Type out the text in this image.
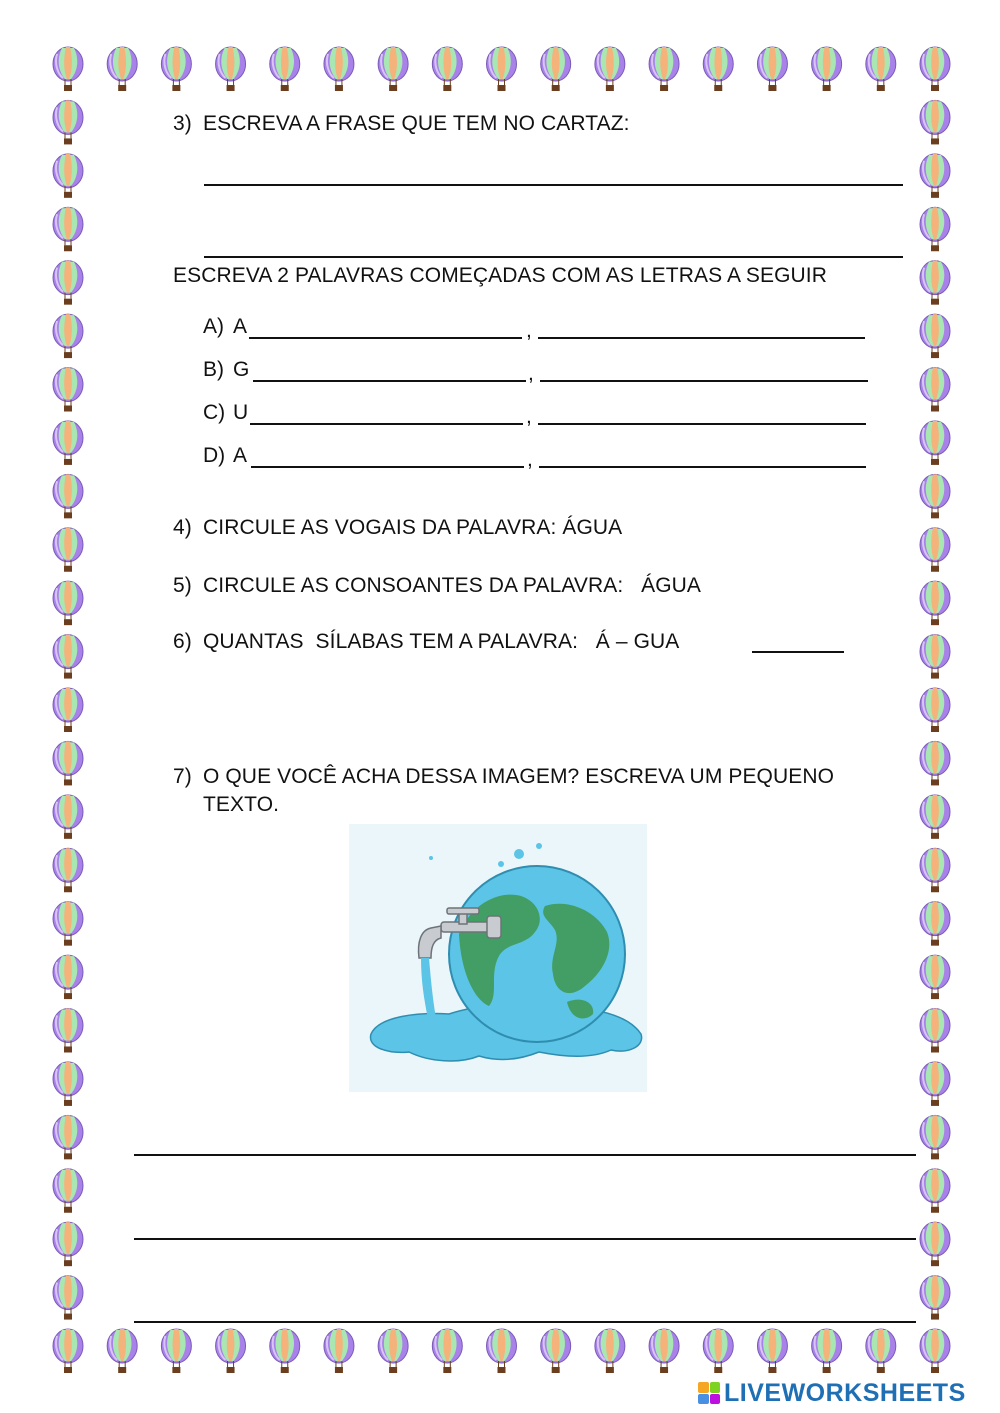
3) ESCREVA A FRASE QUE TEM NO CARTAZ:
ESCREVA 2 PALAVRAS COMEÇADAS COM AS LETRAS A SEGUIR
A) A	,
B) G	,
C) U	,
D) A	,
4) CIRCULE AS VOGAIS DA PALAVRA: ÁGUA
5) CIRCULE AS CONSOANTES DA PALAVRA:   ÁGUA
6) QUANTAS  SÍLABAS TEM A PALAVRA:   Á – GUA
7) O QUE VOCÊ ACHA DESSA IMAGEM? ESCREVA UM PEQUENO
TEXTO.
LIVEWORKSHEETS
